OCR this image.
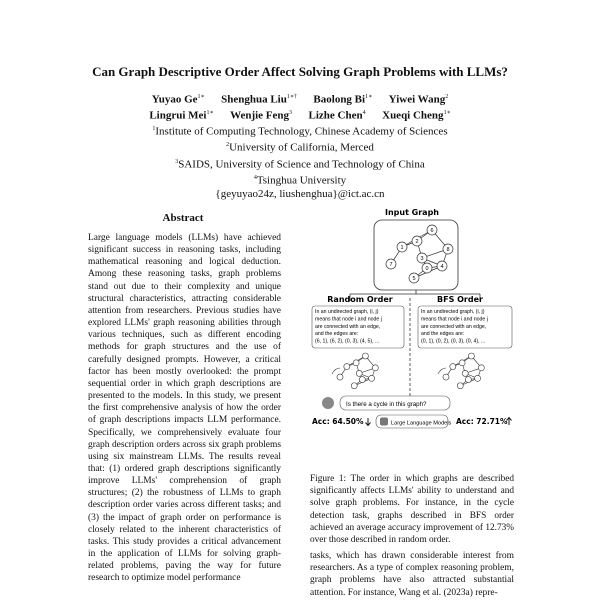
Can Graph Descriptive Order Affect Solving Graph Problems with LLMs?
Yuyao $Ge^{1∗}$   Shenghua Liu$^{1∗\dagger}$   Baolong $Bi^{1∗}$   Yiwei Wang$^2$
Lingrui Mei$^{1∗}$   Wenjie Feng$^3$   Lizhe Chen$^4$   Xueqi Cheng$^{1∗}$
$^1$Institute of Computing Technology, Chinese Academy of Sciences
$^2$University of California, Merced
$^3$SAIDS, University of Science and Technology of China
$^4$Tsinghua University
{geyuyao24z, liushenghua}@ict.ac.cn
Abstract
Large language models (LLMs) have achieved significant success in reasoning tasks, including mathematical reasoning and logical deduction. Among these reasoning tasks, graph problems stand out due to their complexity and unique structural characteristics, attracting considerable attention from researchers. Previous studies have explored LLMs' graph reasoning abilities through various techniques, such as different encoding methods for graph structures and the use of carefully designed prompts. However, a critical factor has been mostly overlooked: the prompt sequential order in which graph descriptions are presented to the models. In this study, we present the first comprehensive analysis of how the order of graph descriptions impacts LLM performance. Specifically, we comprehensively evaluate four graph description orders across six graph problems using six mainstream LLMs. The results reveal that: (1) ordered graph descriptions significantly improve LLMs' comprehension of graph structures; (2) the robustness of LLMs to graph description order varies across different tasks; and (3) the impact of graph order on performance is closely related to the inherent characteristics of tasks. This study provides a critical advancement in the application of LLMs for solving graph-related problems, paving the way for future research to optimize model performance
Input Graph
0
1
2
3
4
5
6
7
8
Random Order
In an undirected graph, (i, j)
means that node i and node j
are connected with an edge,
and the edges are:
(6, 1), (6, 2), (0, 3), (4, 5), ...
BFS Order
In an undirected graph, (i, j)
means that node i and node j
are connected with an edge,
and the edges are:
(0, 1), (0, 2), (0, 3), (0, 4), ...
Is there a cycle in this graph?
Acc: 64.50%	Large Language Models Acc: 72.71%
Figure 1: The order in which graphs are described significantly affects LLMs' ability to understand and solve graph problems. For instance, in the cycle detection task, graphs described in BFS order achieved an average accuracy improvement of 12.73% over those described in random order.
tasks, which has drawn considerable interest from researchers. As a type of complex reasoning problem, graph problems have also attracted substantial attention. For instance, Wang et al. (2023a) repre-
